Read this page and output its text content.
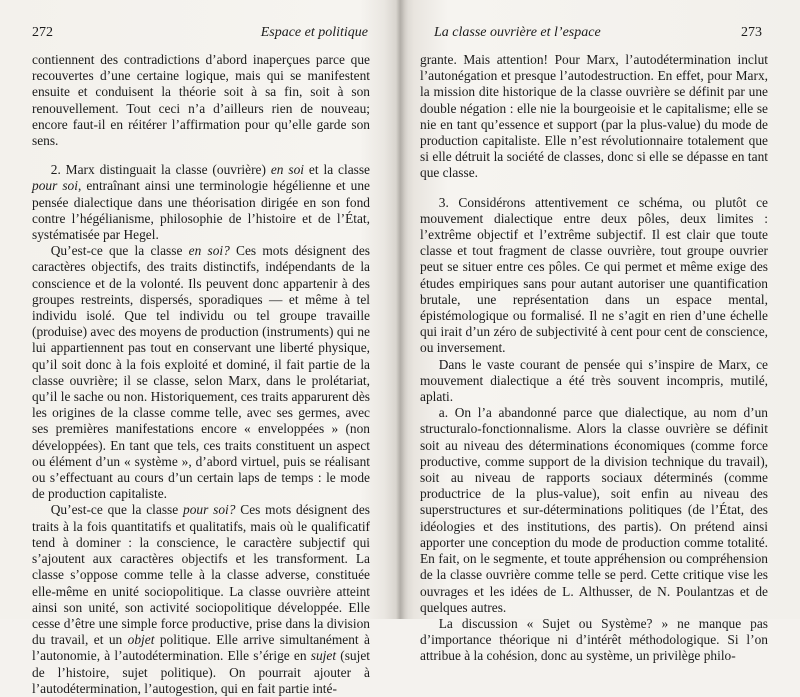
272	Espace et politique

contiennent des contradictions d’abord inaperçues parce que recouvertes d’une certaine logique, mais qui se manifestent ensuite et conduisent la théorie soit à sa fin, soit à son renouvellement. Tout ceci n’a d’ailleurs rien de nouveau; encore faut-il en réitérer l’affirmation pour qu’elle garde son sens.

2. Marx distinguait la classe (ouvrière) en soi et la classe pour soi, entraînant ainsi une terminologie hégélienne et une pensée dialectique dans une théorisation dirigée en son fond contre l’hégélianisme, philosophie de l’histoire et de l’État, systématisée par Hegel.

Qu’est-ce que la classe en soi? Ces mots désignent des caractères objectifs, des traits distinctifs, indépendants de la conscience et de la volonté. Ils peuvent donc appartenir à des groupes restreints, dispersés, sporadiques — et même à tel individu isolé. Que tel individu ou tel groupe travaille (produise) avec des moyens de production (instruments) qui ne lui appartiennent pas tout en conservant une liberté physique, qu’il soit donc à la fois exploité et dominé, il fait partie de la classe ouvrière; il se classe, selon Marx, dans le prolétariat, qu’il le sache ou non. Historiquement, ces traits apparurent dès les origines de la classe comme telle, avec ses germes, avec ses premières manifestations encore « enveloppées » (non développées). En tant que tels, ces traits constituent un aspect ou élément d’un « système », d’abord virtuel, puis se réalisant ou s’effectuant au cours d’un certain laps de temps : le mode de production capitaliste.

Qu’est-ce que la classe pour soi? Ces mots désignent des traits à la fois quantitatifs et qualitatifs, mais où le qualificatif tend à dominer : la conscience, le caractère subjectif qui s’ajoutent aux caractères objectifs et les transforment. La classe s’oppose comme telle à la classe adverse, constituée elle-même en unité sociopolitique. La classe ouvrière atteint ainsi son unité, son activité sociopolitique développée. Elle cesse d’être une simple force productive, prise dans la division du travail, et un objet politique. Elle arrive simultanément à l’autonomie, à l’autodétermination. Elle s’érige en sujet (sujet de l’histoire, sujet politique). On pourrait ajouter à l’autodétermination, l’autogestion, qui en fait partie inté-

La classe ouvrière et l’espace	273

grante. Mais attention! Pour Marx, l’autodétermination inclut l’autonégation et presque l’autodestruction. En effet, pour Marx, la mission dite historique de la classe ouvrière se définit par une double négation : elle nie la bourgeoisie et le capitalisme; elle se nie en tant qu’essence et support (par la plus-value) du mode de production capitaliste. Elle n’est révolutionnaire totalement que si elle détruit la société de classes, donc si elle se dépasse en tant que classe.

3. Considérons attentivement ce schéma, ou plutôt ce mouvement dialectique entre deux pôles, deux limites : l’extrême objectif et l’extrême subjectif. Il est clair que toute classe et tout fragment de classe ouvrière, tout groupe ouvrier peut se situer entre ces pôles. Ce qui permet et même exige des études empiriques sans pour autant autoriser une quantification brutale, une représentation dans un espace mental, épistémologique ou formalisé. Il ne s’agit en rien d’une échelle qui irait d’un zéro de subjectivité à cent pour cent de conscience, ou inversement.

Dans le vaste courant de pensée qui s’inspire de Marx, ce mouvement dialectique a été très souvent incompris, mutilé, aplati.

a. On l’a abandonné parce que dialectique, au nom d’un structuralo-fonctionnalisme. Alors la classe ouvrière se définit soit au niveau des déterminations économiques (comme force productive, comme support de la division technique du travail), soit au niveau de rapports sociaux déterminés (comme productrice de la plus-value), soit enfin au niveau des superstructures et sur-déterminations politiques (de l’État, des idéologies et des institutions, des partis). On prétend ainsi apporter une conception du mode de production comme totalité. En fait, on le segmente, et toute appréhension ou compréhension de la classe ouvrière comme telle se perd. Cette critique vise les ouvrages et les idées de L. Althusser, de N. Poulantzas et de quelques autres.

La discussion « Sujet ou Système? » ne manque pas d’importance théorique ni d’intérêt méthodologique. Si l’on attribue à la cohésion, donc au système, un privilège philo-
